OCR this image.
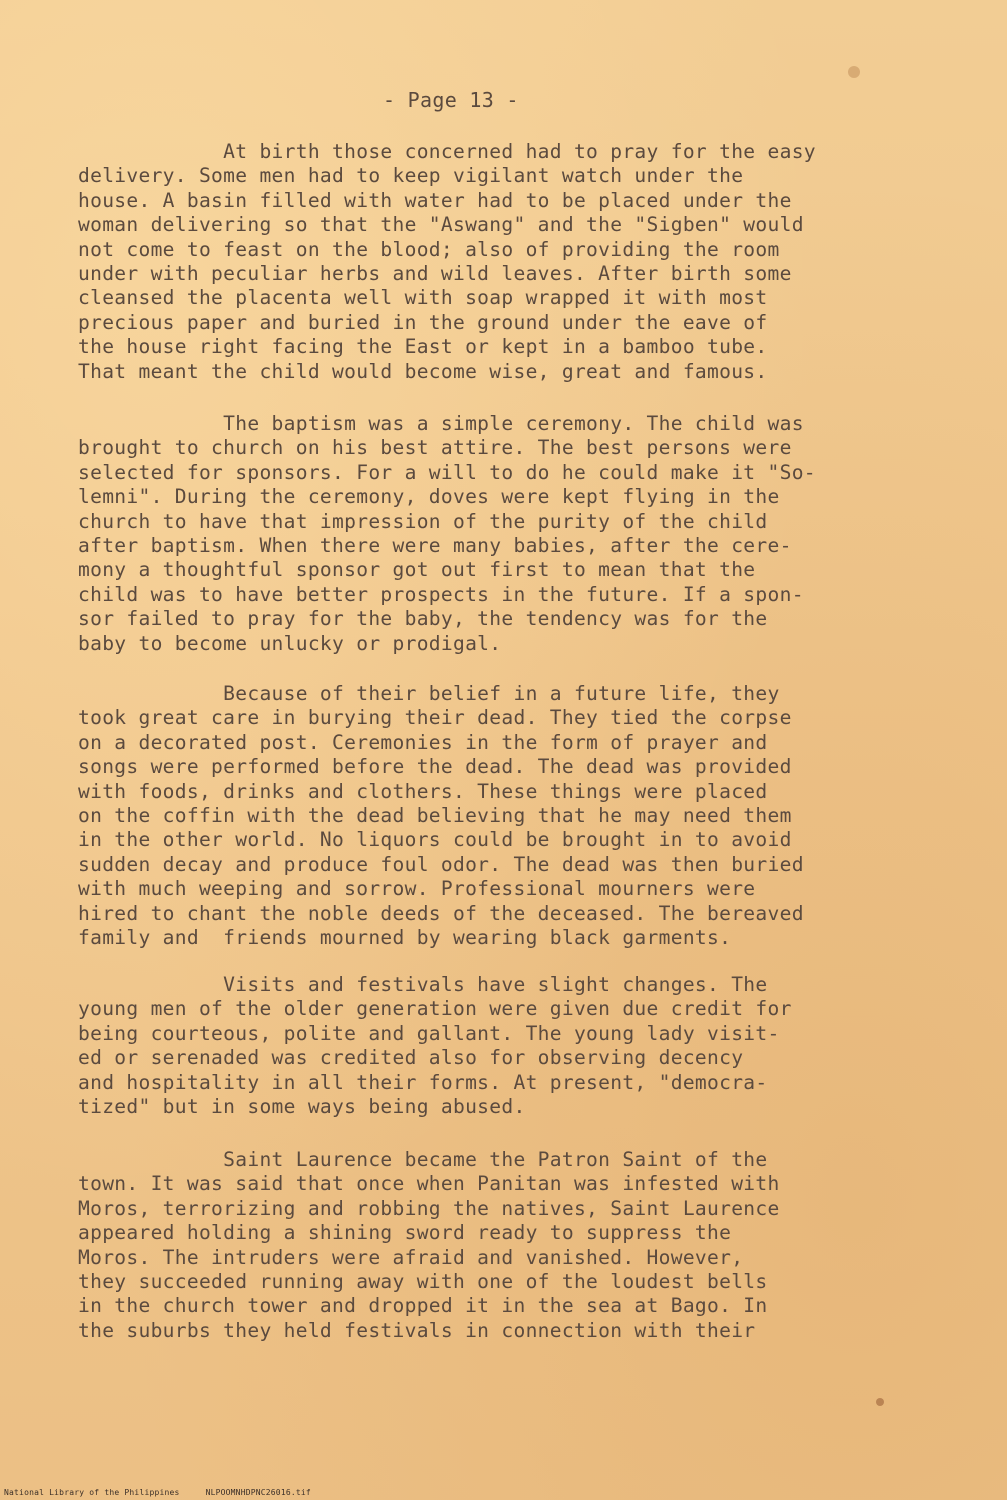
- Page 13 -
At birth those concerned had to pray for the easy
delivery. Some men had to keep vigilant watch under the
house. A basin filled with water had to be placed under the
woman delivering so that the "Aswang" and the "Sigben" would
not come to feast on the blood; also of providing the room
under with peculiar herbs and wild leaves. After birth some
cleansed the placenta well with soap wrapped it with most
precious paper and buried in the ground under the eave of
the house right facing the East or kept in a bamboo tube.
That meant the child would become wise, great and famous.
The baptism was a simple ceremony. The child was
brought to church on his best attire. The best persons were
selected for sponsors. For a will to do he could make it "So-
lemni". During the ceremony, doves were kept flying in the
church to have that impression of the purity of the child
after baptism. When there were many babies, after the cere-
mony a thoughtful sponsor got out first to mean that the
child was to have better prospects in the future. If a spon-
sor failed to pray for the baby, the tendency was for the
baby to become unlucky or prodigal.
Because of their belief in a future life, they
took great care in burying their dead. They tied the corpse
on a decorated post. Ceremonies in the form of prayer and
songs were performed before the dead. The dead was provided
with foods, drinks and clothers. These things were placed
on the coffin with the dead believing that he may need them
in the other world. No liquors could be brought in to avoid
sudden decay and produce foul odor. The dead was then buried
with much weeping and sorrow. Professional mourners were
hired to chant the noble deeds of the deceased. The bereaved
family and  friends mourned by wearing black garments.
Visits and festivals have slight changes. The
young men of the older generation were given due credit for
being courteous, polite and gallant. The young lady visit-
ed or serenaded was credited also for observing decency
and hospitality in all their forms. At present, "democra-
tized" but in some ways being abused.
Saint Laurence became the Patron Saint of the
town. It was said that once when Panitan was infested with
Moros, terrorizing and robbing the natives, Saint Laurence
appeared holding a shining sword ready to suppress the
Moros. The intruders were afraid and vanished. However,
they succeeded running away with one of the loudest bells
in the church tower and dropped it in the sea at Bago. In
the suburbs they held festivals in connection with their
National Library of the Philippines	NLPOOMNHDPNC26016.tif
